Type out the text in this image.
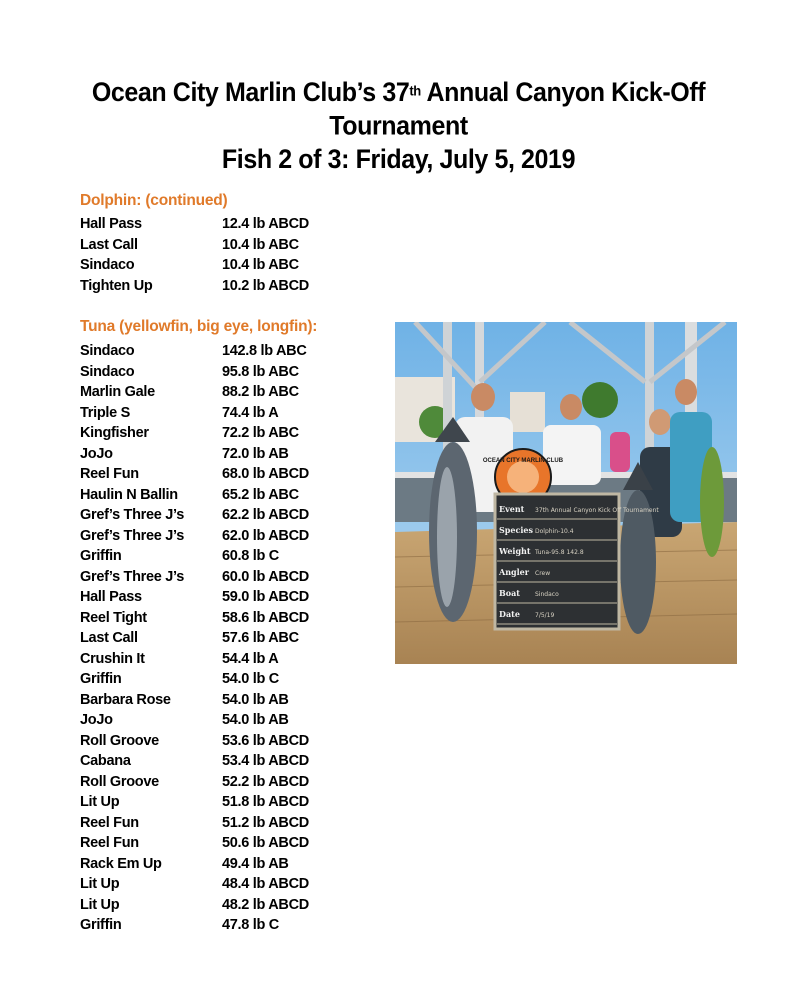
Ocean City Marlin Club’s 37th Annual Canyon Kick-Off
Tournament
Fish 2 of 3: Friday, July 5, 2019
Dolphin: (continued)
Hall Pass	12.4 lb ABCD
Last Call	10.4 lb ABC
Sindaco	10.4 lb ABC
Tighten Up	10.2 lb ABCD
Tuna (yellowfin, big eye, longfin):
Sindaco	142.8 lb ABC
Sindaco	95.8 lb ABC
Marlin Gale	88.2 lb ABC
Triple S	74.4 lb A
Kingfisher	72.2 lb ABC
JoJo	72.0 lb AB
Reel Fun	68.0 lb ABCD
Haulin N Ballin	65.2 lb ABC
Gref’s Three J’s	62.2 lb ABCD
Gref’s Three J’s	62.0 lb ABCD
Griffin	60.8 lb C
Gref’s Three J’s	60.0 lb ABCD
Hall Pass	59.0 lb ABCD
Reel Tight	58.6 lb ABCD
Last Call	57.6 lb ABC
Crushin It	54.4 lb A
Griffin	54.0 lb C
Barbara Rose	54.0 lb AB
JoJo	54.0 lb AB
Roll Groove	53.6 lb ABCD
Cabana	53.4 lb ABCD
Roll Groove	52.2 lb ABCD
Lit Up	51.8 lb ABCD
Reel Fun	51.2 lb ABCD
Reel Fun	50.6 lb ABCD
Rack Em Up	49.4 lb AB
Lit Up	48.4 lb ABCD
Lit Up	48.2 lb ABCD
Griffin	47.8 lb C
OCEAN CITY MARLIN CLUB
Event 37th Annual Canyon Kick Off Tournament
Species Dolphin-10.4
Weight Tuna-95.8 142.8
Angler Crew
Boat	Sindaco
Date	7/5/19
